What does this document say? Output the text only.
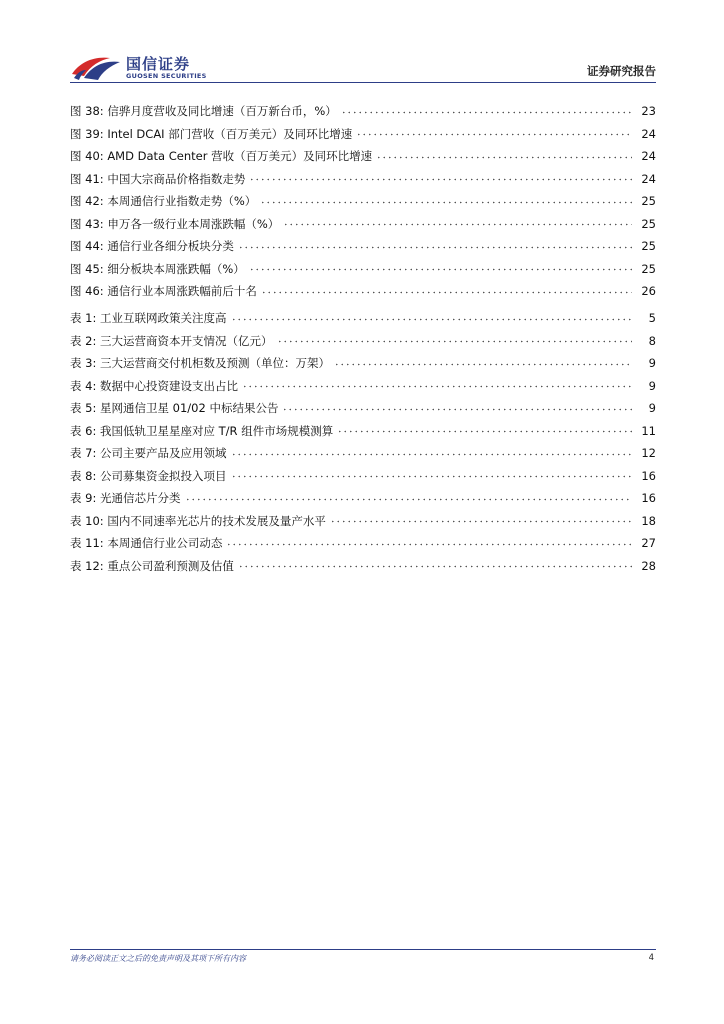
国信证券
GUOSEN SECURITIES	证券研究报告
图 38: 信骅月度营收及同比增速（百万新台币，%）	23
图 39: Intel DCAI 部门营收（百万美元）及同环比增速	24
图 40: AMD Data Center 营收（百万美元）及同环比增速	24
图 41: 中国大宗商品价格指数走势	24
图 42: 本周通信行业指数走势（%）	25
图 43: 申万各一级行业本周涨跌幅（%）	25
图 44: 通信行业各细分板块分类	25
图 45: 细分板块本周涨跌幅（%）	25
图 46: 通信行业本周涨跌幅前后十名	26
表 1: 工业互联网政策关注度高	5
表 2: 三大运营商资本开支情况（亿元）	8
表 3: 三大运营商交付机柜数及预测（单位：万架）	9
表 4: 数据中心投资建设支出占比	9
表 5: 星网通信卫星 01/02 中标结果公告	9
表 6: 我国低轨卫星星座对应 T/R 组件市场规模测算	11
表 7: 公司主要产品及应用领域	12
表 8: 公司募集资金拟投入项目	16
表 9: 光通信芯片分类	16
表 10: 国内不同速率光芯片的技术发展及量产水平	18
表 11: 本周通信行业公司动态	27
表 12: 重点公司盈利预测及估值	28
请务必阅读正文之后的免责声明及其项下所有内容	4
